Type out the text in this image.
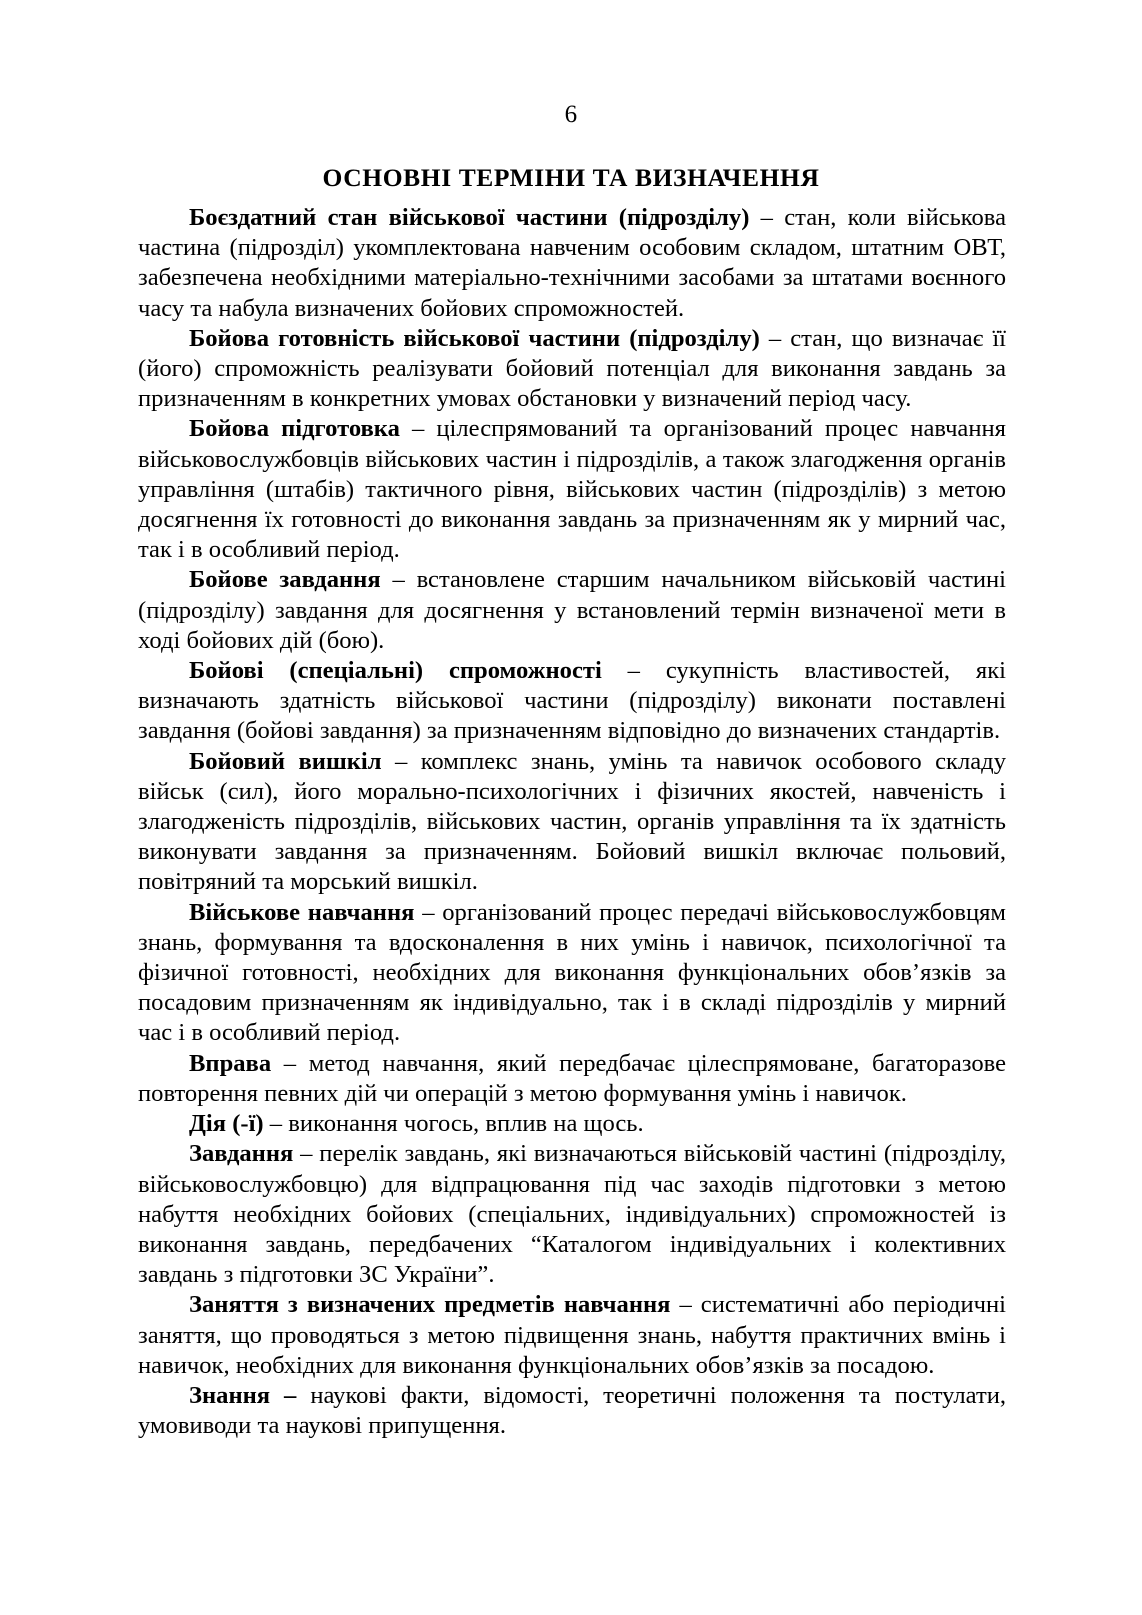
6
ОСНОВНІ ТЕРМІНИ ТА ВИЗНАЧЕННЯ

Боєздатний стан військової частини (підрозділу) – стан, коли військова частина (підрозділ) укомплектована навченим особовим складом, штатним ОВТ, забезпечена необхідними матеріально-технічними засобами за штатами воєнного часу та набула визначених бойових спроможностей.

Бойова готовність військової частини (підрозділу) – стан, що визначає її (його) спроможність реалізувати бойовий потенціал для виконання завдань за призначенням в конкретних умовах обстановки у визначений період часу.

Бойова підготовка – цілеспрямований та організований процес навчання військовослужбовців військових частин і підрозділів, а також злагодження органів управління (штабів) тактичного рівня, військових частин (підрозділів) з метою досягнення їх готовності до виконання завдань за призначенням як у мирний час, так і в особливий період.

Бойове завдання – встановлене старшим начальником військовій частині (підрозділу) завдання для досягнення у встановлений термін визначеної мети в ході бойових дій (бою).

Бойові (спеціальні) спроможності – сукупність властивостей, які визначають здатність військової частини (підрозділу) виконати поставлені завдання (бойові завдання) за призначенням відповідно до визначених стандартів.

Бойовий вишкіл – комплекс знань, умінь та навичок особового складу військ (сил), його морально-психологічних і фізичних якостей, навченість і злагодженість підрозділів, військових частин, органів управління та їх здатність виконувати завдання за призначенням. Бойовий вишкіл включає польовий, повітряний та морський вишкіл.

Військове навчання – організований процес передачі військовослужбовцям знань, формування та вдосконалення в них умінь і навичок, психологічної та фізичної готовності, необхідних для виконання функціональних обов’язків за посадовим призначенням як індивідуально, так і в складі підрозділів у мирний час і в особливий період.

Вправа – метод навчання, який передбачає цілеспрямоване, багаторазове повторення певних дій чи операцій з метою формування умінь і навичок.

Дія (-ї) – виконання чогось, вплив на щось.

Завдання – перелік завдань, які визначаються військовій частині (підрозділу, військовослужбовцю) для відпрацювання під час заходів підготовки з метою набуття необхідних бойових (спеціальних, індивідуальних) спроможностей із виконання завдань, передбачених “Каталогом індивідуальних і колективних завдань з підготовки ЗС України”.

Заняття з визначених предметів навчання – систематичні або періодичні заняття, що проводяться з метою підвищення знань, набуття практичних вмінь і навичок, необхідних для виконання функціональних обов’язків за посадою.

Знання – наукові факти, відомості, теоретичні положення та постулати, умовиводи та наукові припущення.
